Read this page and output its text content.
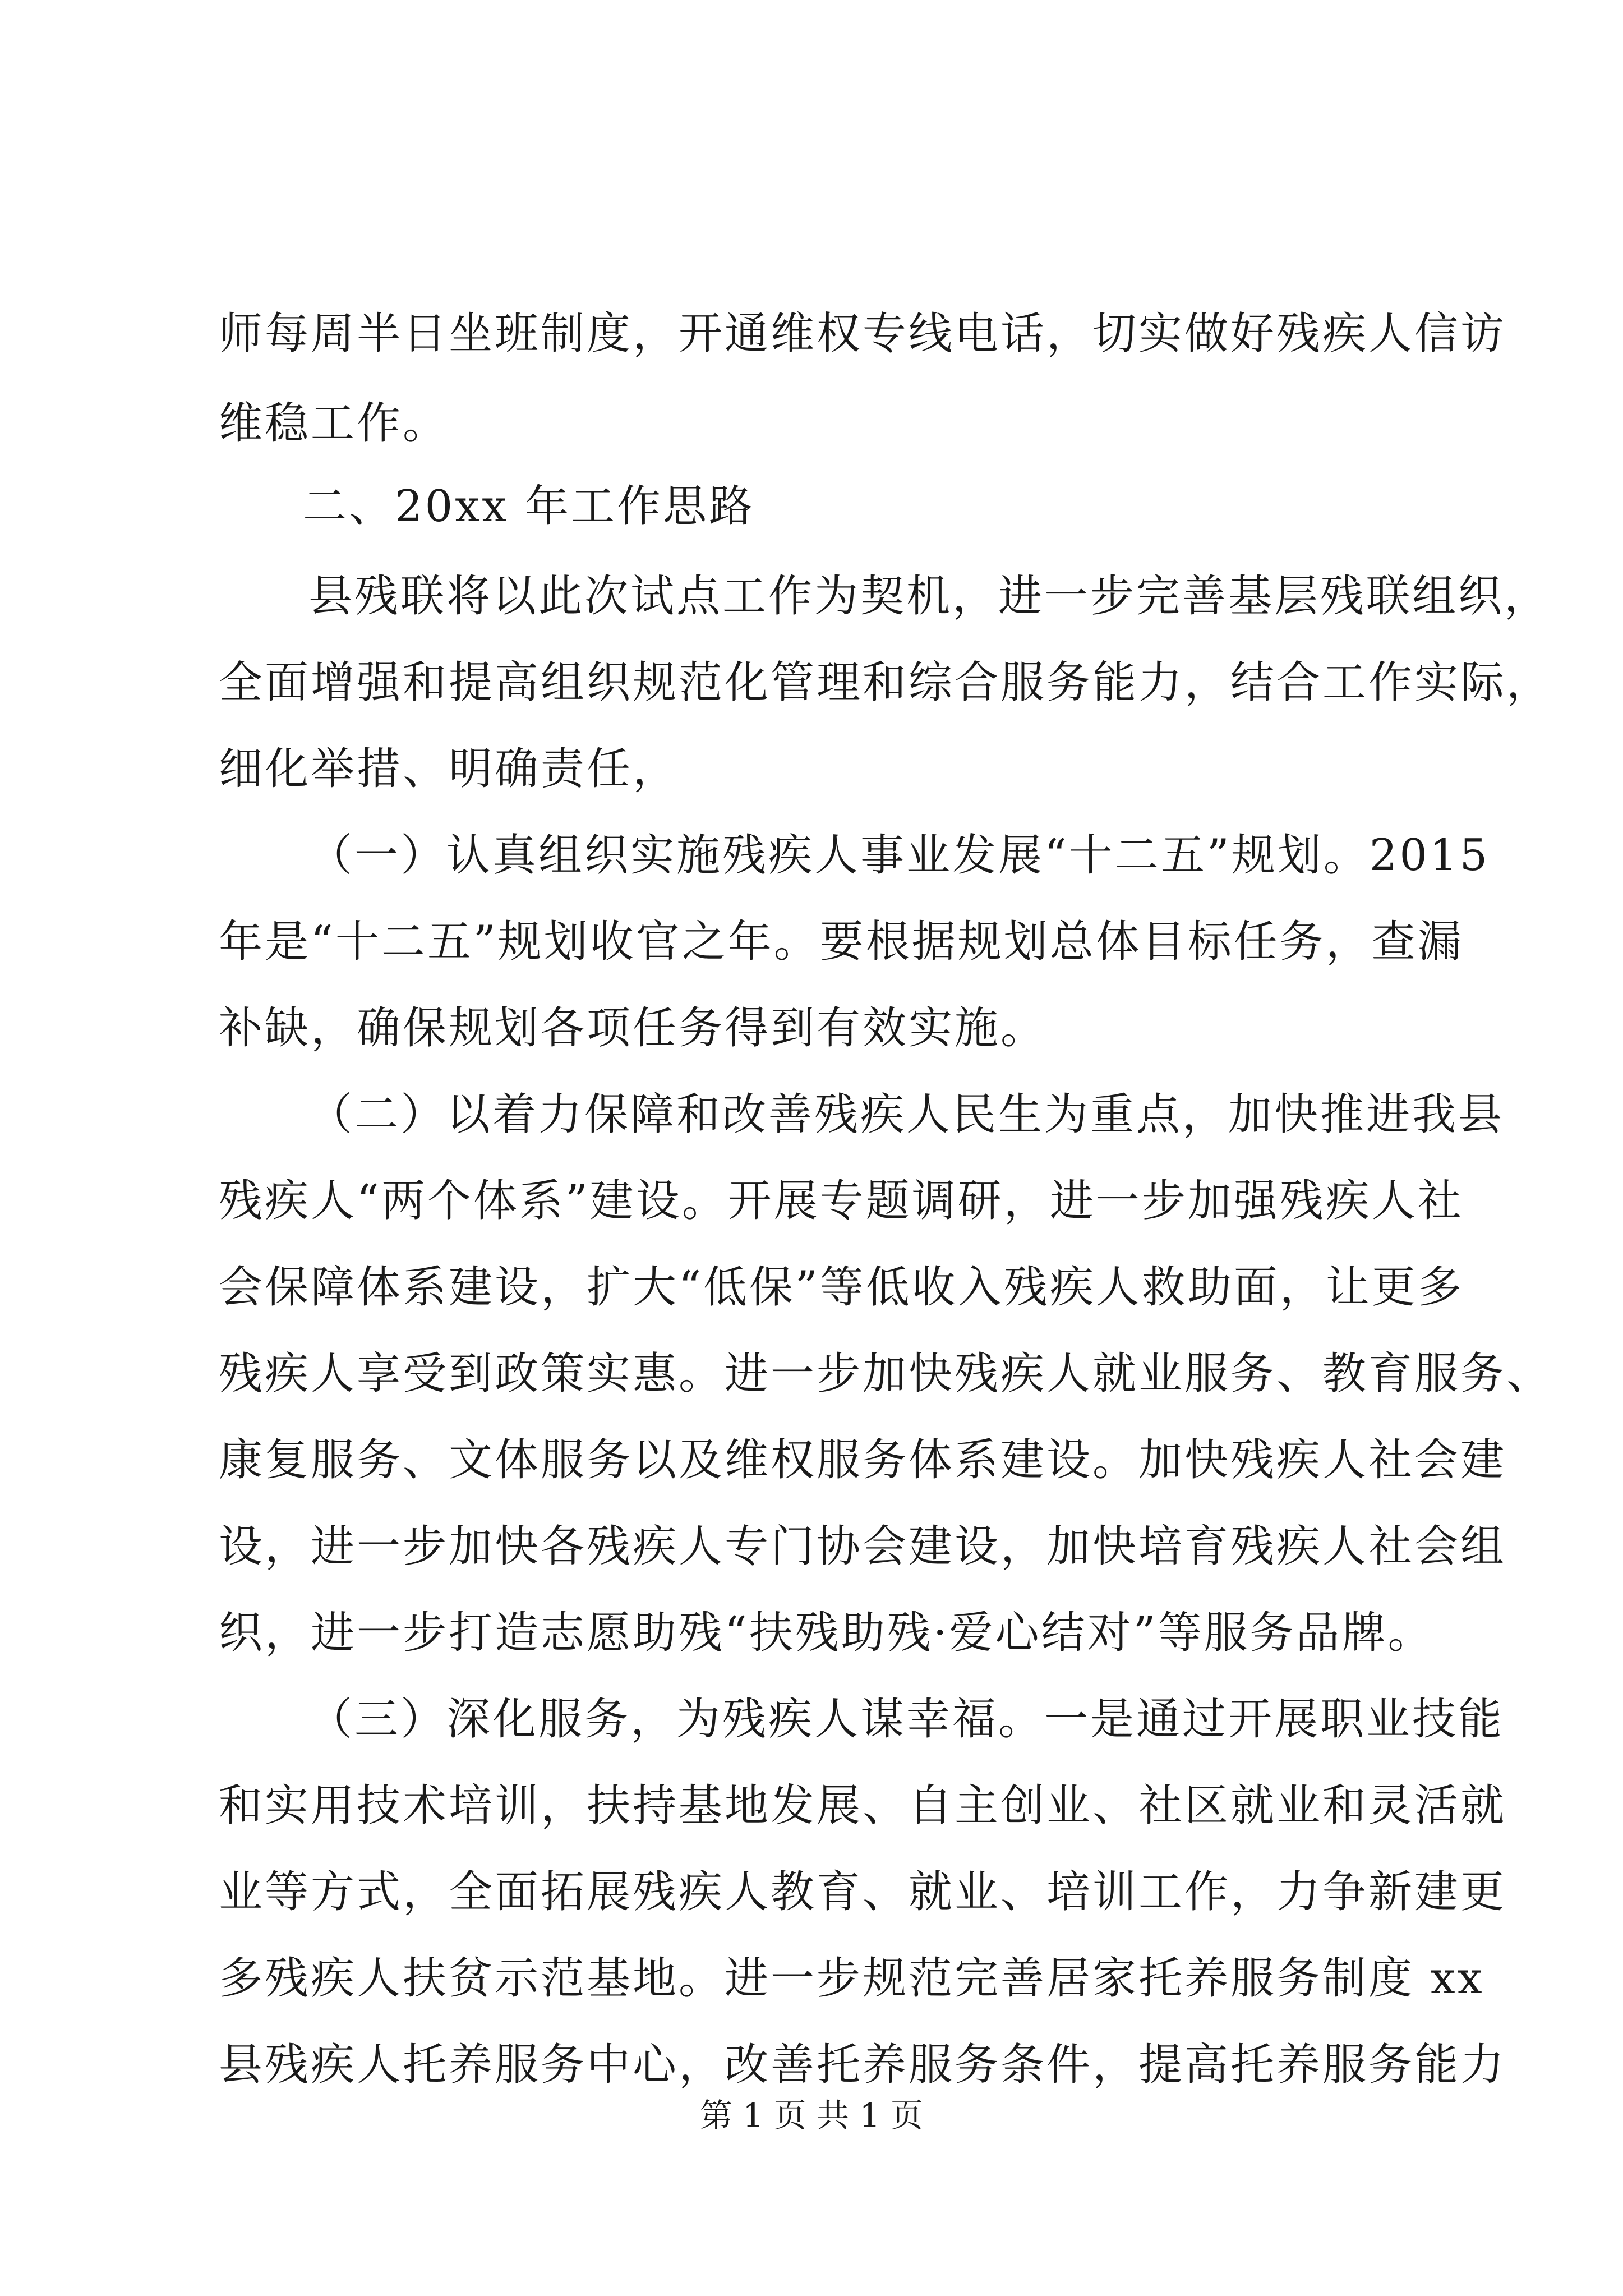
师每周半日坐班制度，开通维权专线电话，切实做好残疾人信访
维稳工作。
二、20xx 年工作思路
县残联将以此次试点工作为契机，进一步完善基层残联组织，
全面增强和提高组织规范化管理和综合服务能力，结合工作实际，
细化举措、明确责任，
（一）认真组织实施残疾人事业发展“十二五”规划。2015
年是“十二五”规划收官之年。要根据规划总体目标任务，查漏
补缺，确保规划各项任务得到有效实施。
（二）以着力保障和改善残疾人民生为重点，加快推进我县
残疾人“两个体系”建设。开展专题调研，进一步加强残疾人社
会保障体系建设，扩大“低保”等低收入残疾人救助面，让更多
残疾人享受到政策实惠。进一步加快残疾人就业服务、教育服务、
康复服务、文体服务以及维权服务体系建设。加快残疾人社会建
设，进一步加快各残疾人专门协会建设，加快培育残疾人社会组
织，进一步打造志愿助残“扶残助残·爱心结对”等服务品牌。
（三）深化服务，为残疾人谋幸福。一是通过开展职业技能
和实用技术培训，扶持基地发展、自主创业、社区就业和灵活就
业等方式，全面拓展残疾人教育、就业、培训工作，力争新建更
多残疾人扶贫示范基地。进一步规范完善居家托养服务制度 xx
县残疾人托养服务中心，改善托养服务条件，提高托养服务能力
第 1 页 共 1 页
